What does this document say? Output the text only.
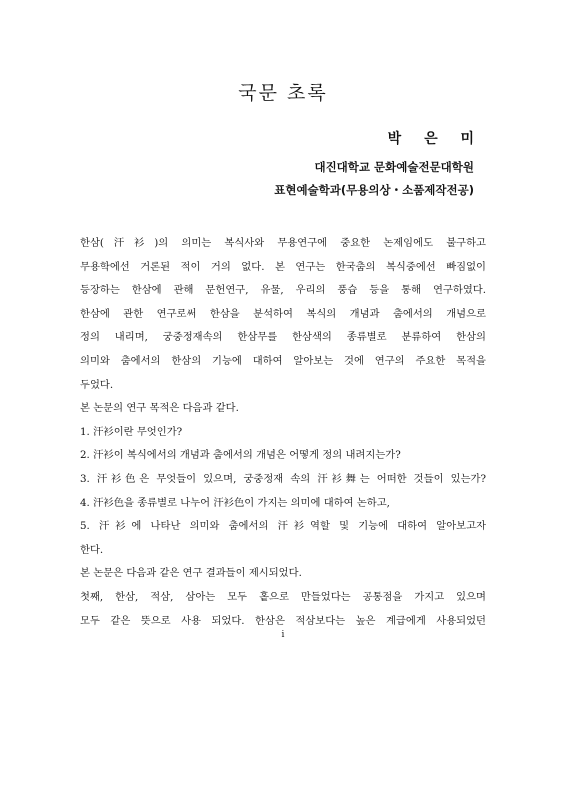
국문 초록
박 은 미
대진대학교 문화예술전문대학원
표현예술학과(무용의상・소품제작전공)
한삼(汗衫)의 의미는 복식사와 무용연구에 중요한 논제임에도 불구하고
무용학에선 거론된 적이 거의 없다. 본 연구는 한국춤의 복식중에선 빠짐없이
등장하는 한삼에 관해 문헌연구, 유물, 우리의 풍습 등을 통해 연구하였다.
한삼에 관한 연구로써 한삼을 분석하여 복식의 개념과 춤에서의 개념으로
정의 내리며, 궁중정재속의 한삼무를 한삼색의 종류별로 분류하여 한삼의
의미와 춤에서의 한삼의 기능에 대하여 알아보는 것에 연구의 주요한 목적을
두었다.
본 논문의 연구 목적은 다음과 같다.
1. 汗衫이란 무엇인가?
2. 汗衫이 복식에서의 개념과 춤에서의 개념은 어떻게 정의 내려지는가?
3. 汗衫色은 무엇들이 있으며, 궁중정재 속의 汗衫舞는 어떠한 것들이 있는가?
4. 汗衫色을 종류별로 나누어 汗衫色이 가지는 의미에 대하여 논하고,
5. 汗衫에 나타난 의미와 춤에서의 汗衫역할 및 기능에 대하여 알아보고자
한다.
본 논문은 다음과 같은 연구 결과들이 제시되었다.
첫째, 한삼, 적삼, 삼아는 모두 홑으로 만들었다는 공통점을 가지고 있으며
모두 같은 뜻으로 사용 되었다. 한삼은 적삼보다는 높은 계급에게 사용되었던
i
